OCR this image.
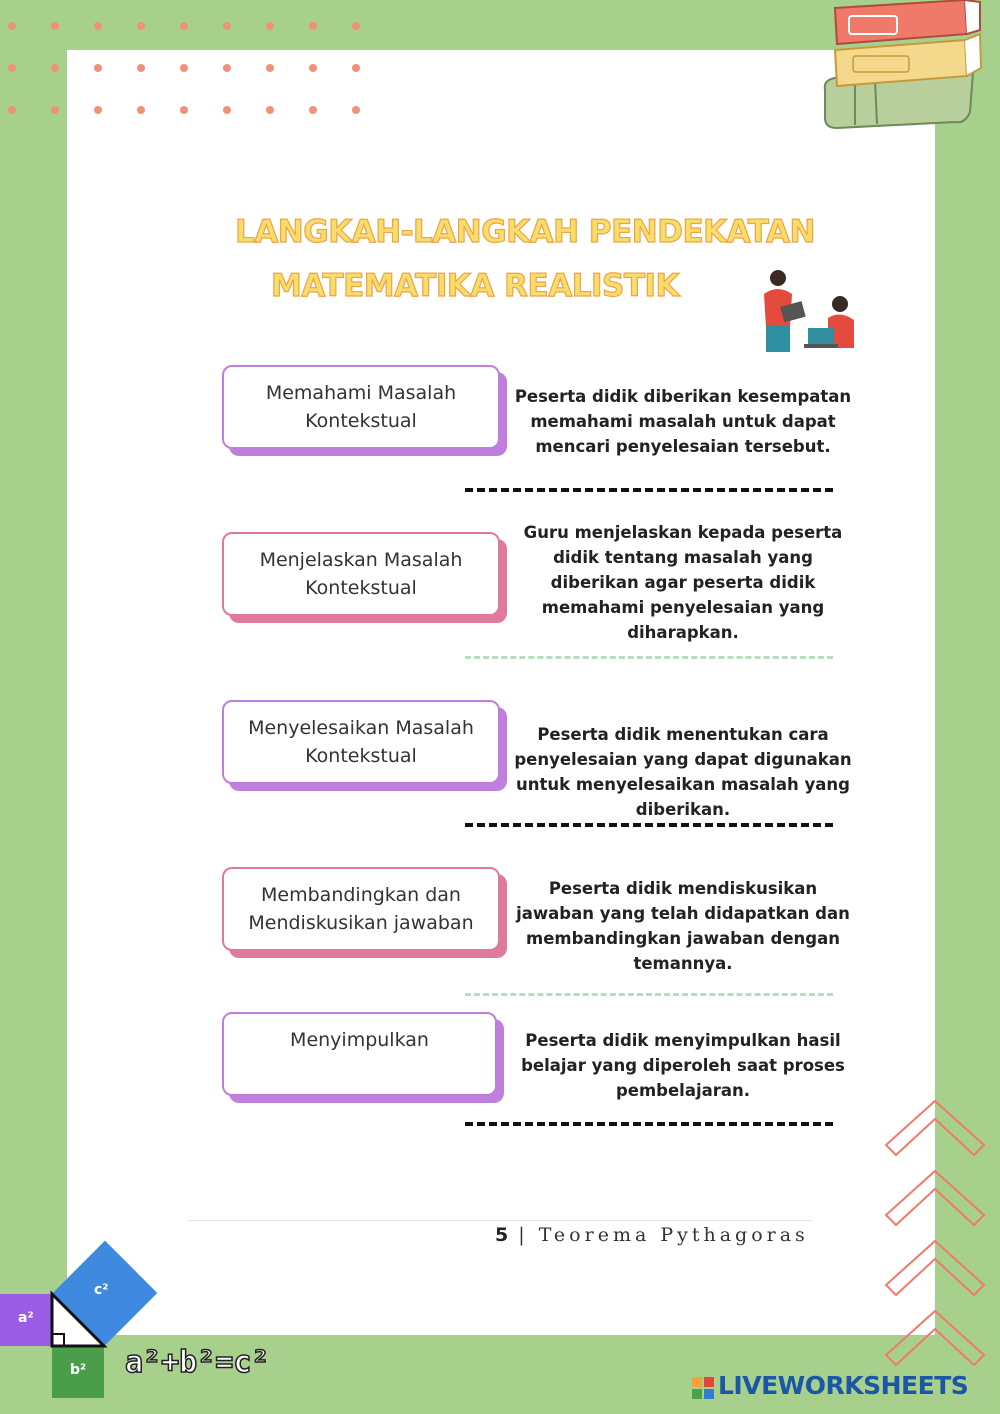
LANGKAH-LANGKAH PENDEKATAN
MATEMATIKA REALISTIK
Memahami Masalah Kontekstual
Peserta didik diberikan kesempatan memahami masalah untuk dapat mencari penyelesaian tersebut.
Menjelaskan Masalah Kontekstual
Guru menjelaskan kepada peserta didik tentang masalah yang diberikan agar peserta didik memahami penyelesaian yang diharapkan.
Menyelesaikan Masalah Kontekstual
Peserta didik menentukan cara penyelesaian yang dapat digunakan untuk menyelesaikan masalah yang diberikan.
Membandingkan dan Mendiskusikan jawaban
Peserta didik mendiskusikan jawaban yang telah didapatkan dan membandingkan jawaban dengan temannya.
Menyimpulkan	Peserta didik menyimpulkan hasil belajar yang diperoleh saat proses pembelajaran.
5 | Teorema Pythagoras
c²
a²
b² a²+b²=c²
LIVEWORKSHEETS
